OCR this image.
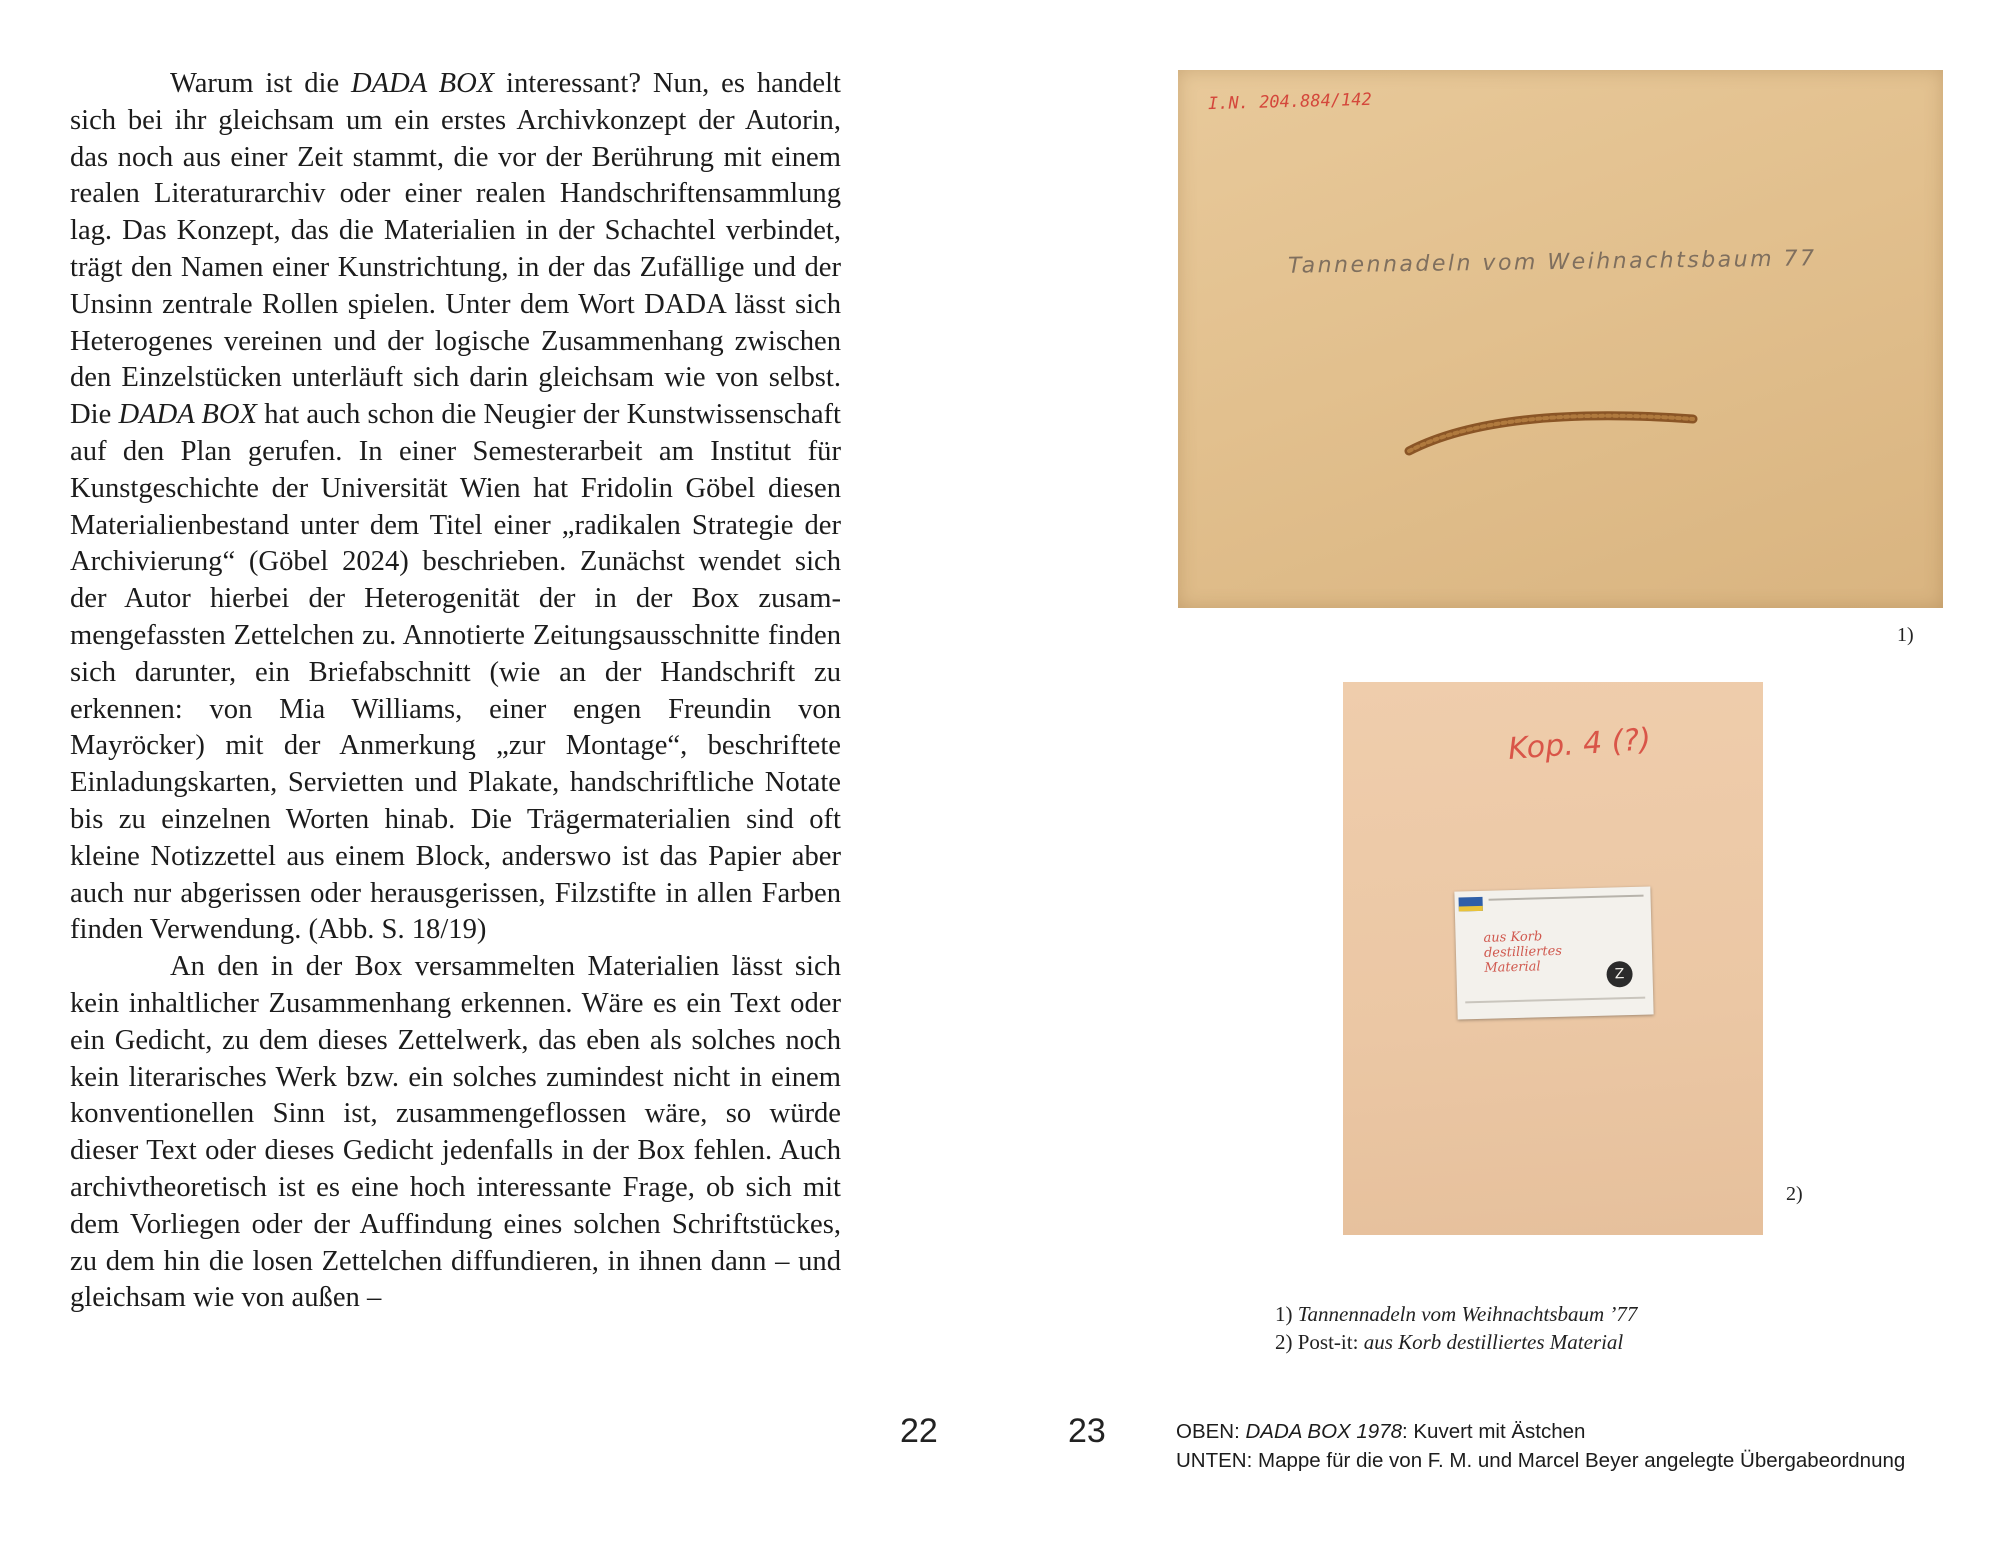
Warum ist die DADA BOX interessant? Nun, es handelt sich bei ihr gleichsam um ein erstes Archivkonzept der Autorin, das noch aus einer Zeit stammt, die vor der Berührung mit einem realen Literaturarchiv oder einer realen Handschriftensammlung lag. Das Konzept, das die Materialien in der Schachtel verbindet, trägt den Namen einer Kunstrichtung, in der das Zufällige und der Unsinn zentrale Rollen spielen. Unter dem Wort DADA lässt sich Heterogenes vereinen und der logische Zusammenhang zwischen den Einzelstücken unterläuft sich darin gleichsam wie von selbst. Die DADA BOX hat auch schon die Neugier der Kunstwissenschaft auf den Plan gerufen. In einer Semesterarbeit am Institut für Kunstgeschichte der Universität Wien hat Fridolin Göbel diesen Materialienbestand unter dem Titel einer „radikalen Strategie der Archivierung“ (Göbel 2024) beschrieben. Zunächst wendet sich der Autor hierbei der Heterogenität der in der Box zusammengefassten Zettelchen zu. Annotierte Zeitungsausschnitte finden sich darunter, ein Briefabschnitt (wie an der Handschrift zu erkennen: von Mia Williams, einer engen Freundin von Mayröcker) mit der Anmerkung „zur Montage“, beschriftete Einladungskarten, Servietten und Plakate, handschriftliche Notate bis zu einzelnen Worten hinab. Die Trägermaterialien sind oft kleine Notizzettel aus einem Block, anderswo ist das Papier aber auch nur abgerissen oder herausgerissen, Filzstifte in allen Farben finden Verwendung. (Abb. S. 18/19)

An den in der Box versammelten Materialien lässt sich kein inhaltlicher Zusammenhang erkennen. Wäre es ein Text oder ein Gedicht, zu dem dieses Zettelwerk, das eben als solches noch kein literarisches Werk bzw. ein solches zumindest nicht in einem konventionellen Sinn ist, zusammengeflossen wäre, so würde dieser Text oder dieses Gedicht jedenfalls in der Box fehlen. Auch archivtheoretisch ist es eine hoch interessante Frage, ob sich mit dem Vorliegen oder der Auffindung eines solchen Schriftstückes, zu dem hin die losen Zettelchen diffundieren, in ihnen dann – und gleichsam wie von außen –

22
I.N. 204.884/142
Tannennadeln vom Weihnachtsbaum 77
1)
Kop. 4 (?)
aus Korb destilliertes Material	Z
2)
1) Tannennadeln vom Weihnachtsbaum ’77
2) Post-it: aus Korb destilliertes Material
23	OBEN: DADA BOX 1978: Kuvert mit Ästchen
UNTEN: Mappe für die von F. M. und Marcel Beyer angelegte Übergabeordnung
